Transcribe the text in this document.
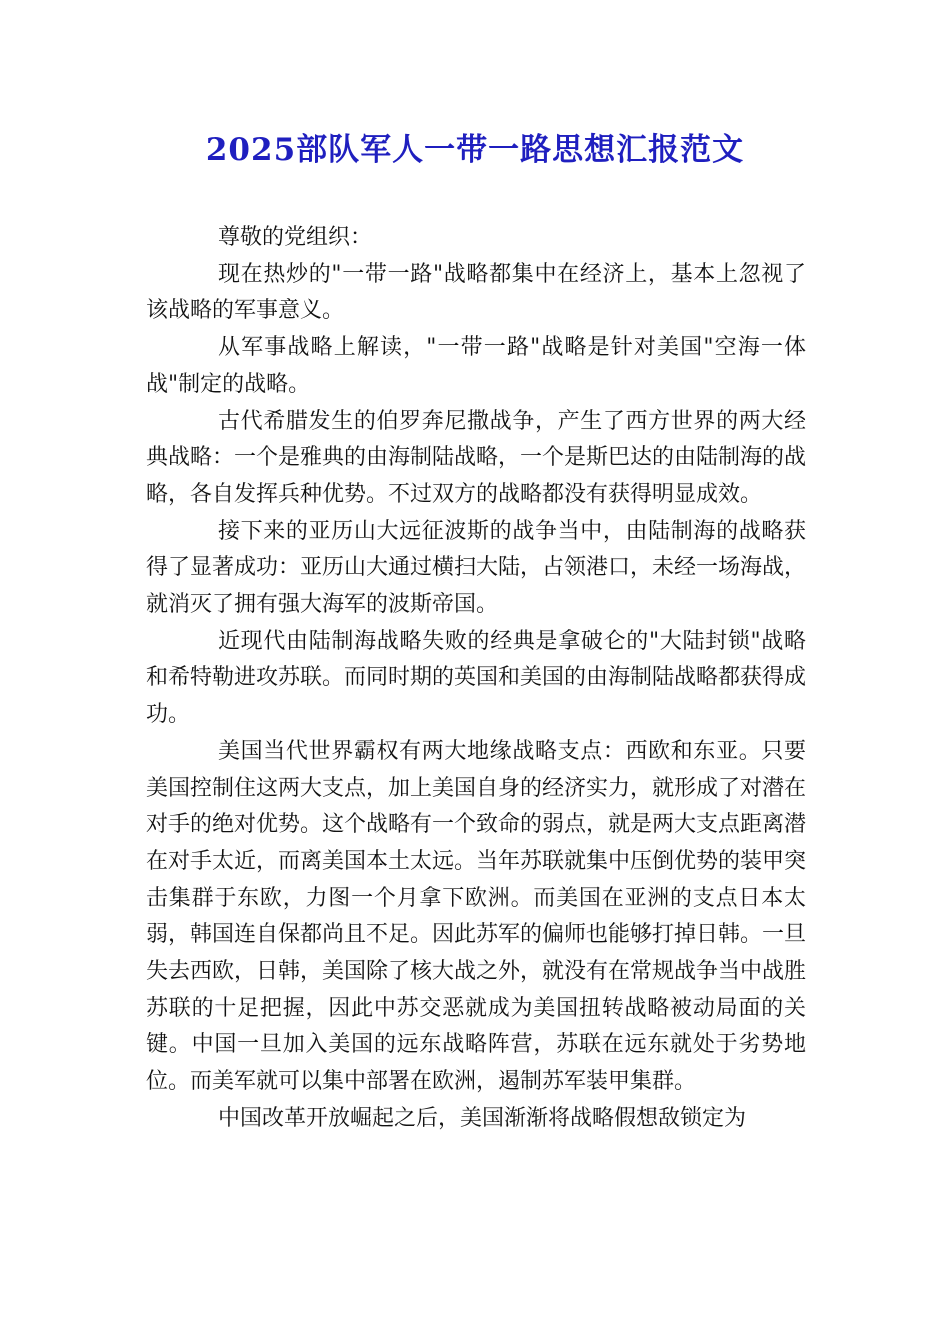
2025部队军人一带一路思想汇报范文

尊敬的党组织：

现在热炒的"一带一路"战略都集中在经济上，基本上忽视了该战略的军事意义。

从军事战略上解读，"一带一路"战略是针对美国"空海一体战"制定的战略。

古代希腊发生的伯罗奔尼撒战争，产生了西方世界的两大经典战略：一个是雅典的由海制陆战略，一个是斯巴达的由陆制海的战略，各自发挥兵种优势。不过双方的战略都没有获得明显成效。

接下来的亚历山大远征波斯的战争当中，由陆制海的战略获得了显著成功：亚历山大通过横扫大陆，占领港口，未经一场海战，就消灭了拥有强大海军的波斯帝国。

近现代由陆制海战略失败的经典是拿破仑的"大陆封锁"战略和希特勒进攻苏联。而同时期的英国和美国的由海制陆战略都获得成功。

美国当代世界霸权有两大地缘战略支点：西欧和东亚。只要美国控制住这两大支点，加上美国自身的经济实力，就形成了对潜在对手的绝对优势。这个战略有一个致命的弱点，就是两大支点距离潜在对手太近，而离美国本土太远。当年苏联就集中压倒优势的装甲突击集群于东欧，力图一个月拿下欧洲。而美国在亚洲的支点日本太弱，韩国连自保都尚且不足。因此苏军的偏师也能够打掉日韩。一旦失去西欧，日韩，美国除了核大战之外，就没有在常规战争当中战胜苏联的十足把握，因此中苏交恶就成为美国扭转战略被动局面的关键。中国一旦加入美国的远东战略阵营，苏联在远东就处于劣势地位。而美军就可以集中部署在欧洲，遏制苏军装甲集群。

中国改革开放崛起之后，美国渐渐将战略假想敌锁定为
